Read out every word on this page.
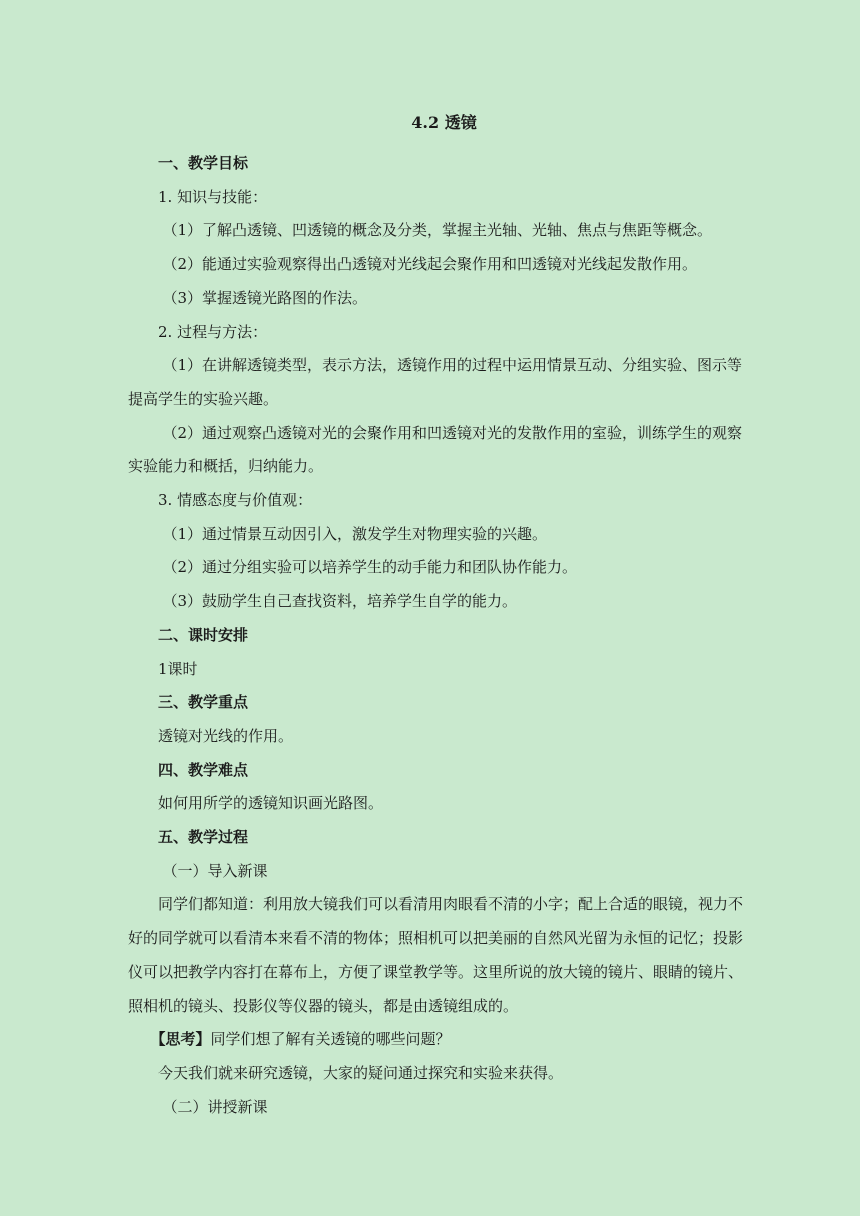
4.2 透镜

一、教学目标

1. 知识与技能：

（1）了解凸透镜、凹透镜的概念及分类，掌握主光轴、光轴、焦点与焦距等概念。

（2）能通过实验观察得出凸透镜对光线起会聚作用和凹透镜对光线起发散作用。

（3）掌握透镜光路图的作法。

2. 过程与方法：

（1）在讲解透镜类型，表示方法，透镜作用的过程中运用情景互动、分组实验、图示等提高学生的实验兴趣。

（2）通过观察凸透镜对光的会聚作用和凹透镜对光的发散作用的室验，训练学生的观察实验能力和概括，归纳能力。

3. 情感态度与价值观：

（1）通过情景互动因引入，激发学生对物理实验的兴趣。

（2）通过分组实验可以培养学生的动手能力和团队协作能力。

（3）鼓励学生自己查找资料，培养学生自学的能力。

二、课时安排

1课时

三、教学重点

透镜对光线的作用。

四、教学难点

如何用所学的透镜知识画光路图。

五、教学过程

（一）导入新课

同学们都知道：利用放大镜我们可以看清用肉眼看不清的小字；配上合适的眼镜，视力不好的同学就可以看清本来看不清的物体；照相机可以把美丽的自然风光留为永恒的记忆；投影仪可以把教学内容打在幕布上，方便了课堂教学等。这里所说的放大镜的镜片、眼睛的镜片、照相机的镜头、投影仪等仪器的镜头，都是由透镜组成的。

【思考】同学们想了解有关透镜的哪些问题？

今天我们就来研究透镜，大家的疑问通过探究和实验来获得。

（二）讲授新课
